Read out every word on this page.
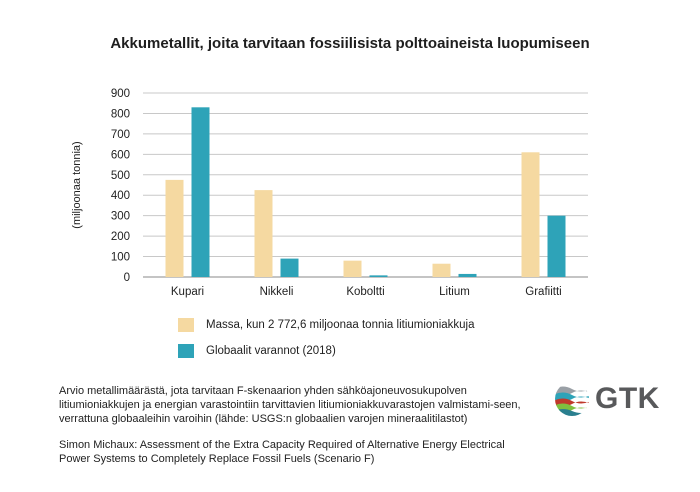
Akkumetallit, joita tarvitaan fossiilisista polttoaineista luopumiseen
0
100
200
300
400
500
600
700
800
900
Kupari	Nikkeli	Koboltti	Litium	Grafiitti
(miljoonaa tonnia)
Massa, kun 2 772,6 miljoonaa tonnia litiumioniakkuja
Globaalit varannot (2018)

Arvio metallimäärästä, jota tarvitaan F-skenaarion yhden sähköajoneuvosukupolven litiumioniakkujen ja energian varastointiin tarvittavien litiumioniakkuvarastojen valmistami-seen, verrattuna globaaleihin varoihin (lähde: USGS:n globaalien varojen mineraalitilastot)

Simon Michaux: Assessment of the Extra Capacity Required of Alternative Energy Electrical Power Systems to Completely Replace Fossil Fuels (Scenario F)

GTK
